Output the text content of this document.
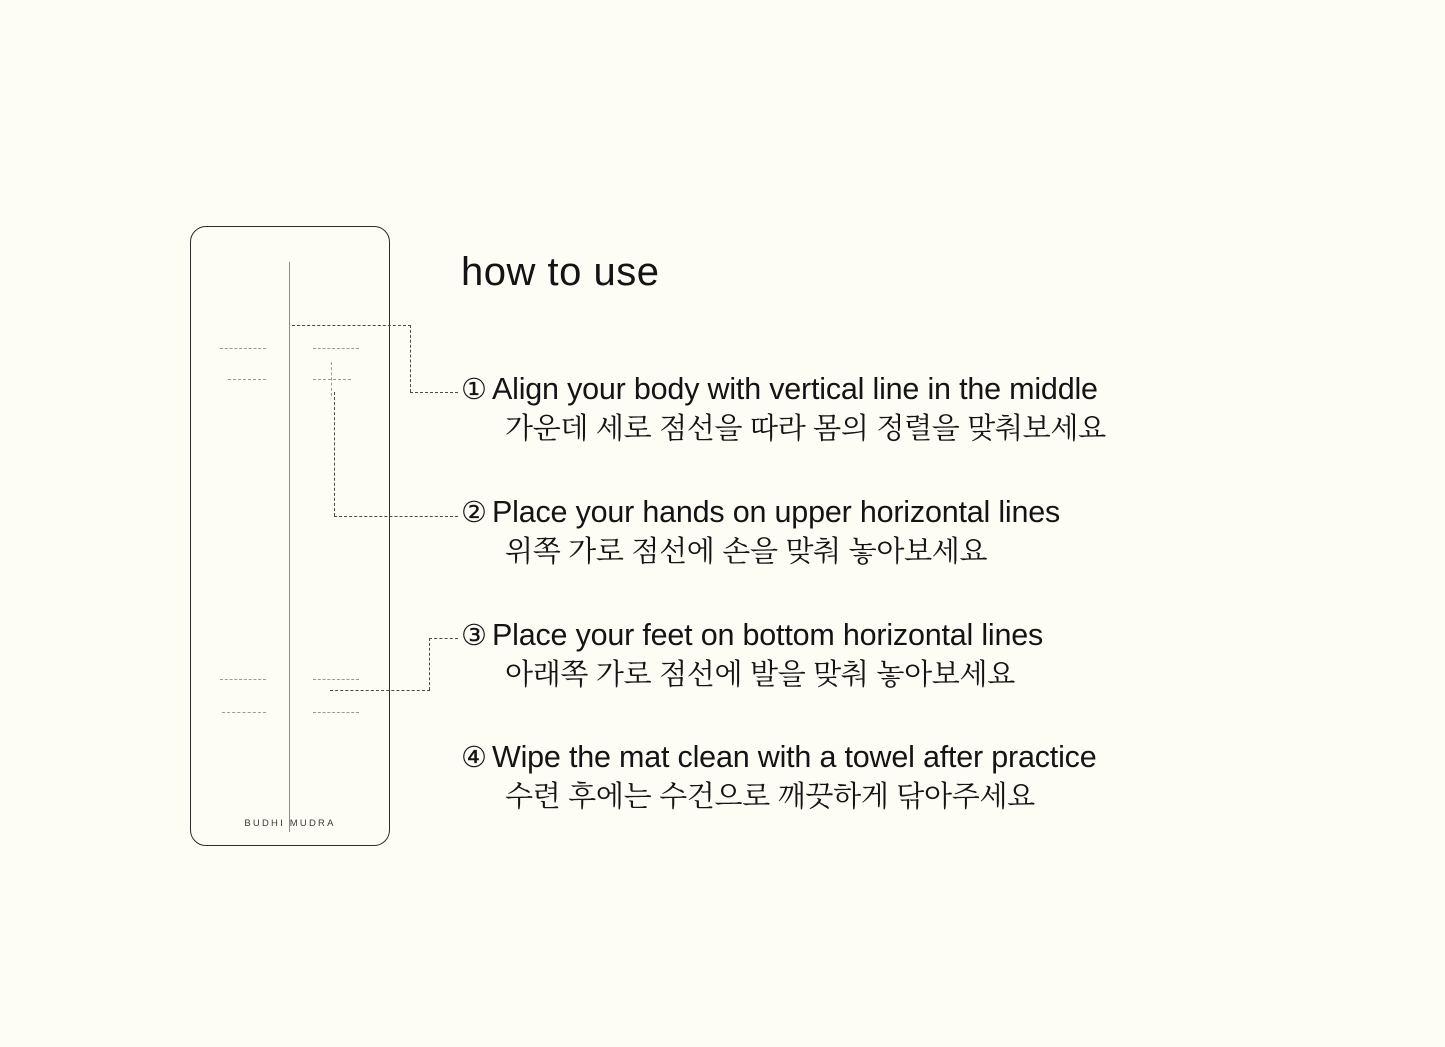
BUDHI MUDRA
how to use
① Align your body with vertical line in the middle
가운데 세로 점선을 따라 몸의 정렬을 맞춰보세요
② Place your hands on upper horizontal lines
위쪽 가로 점선에 손을 맞춰 놓아보세요
③ Place your feet on bottom horizontal lines
아래쪽 가로 점선에 발을 맞춰 놓아보세요
④ Wipe the mat clean with a towel after practice
수련 후에는 수건으로 깨끗하게 닦아주세요
